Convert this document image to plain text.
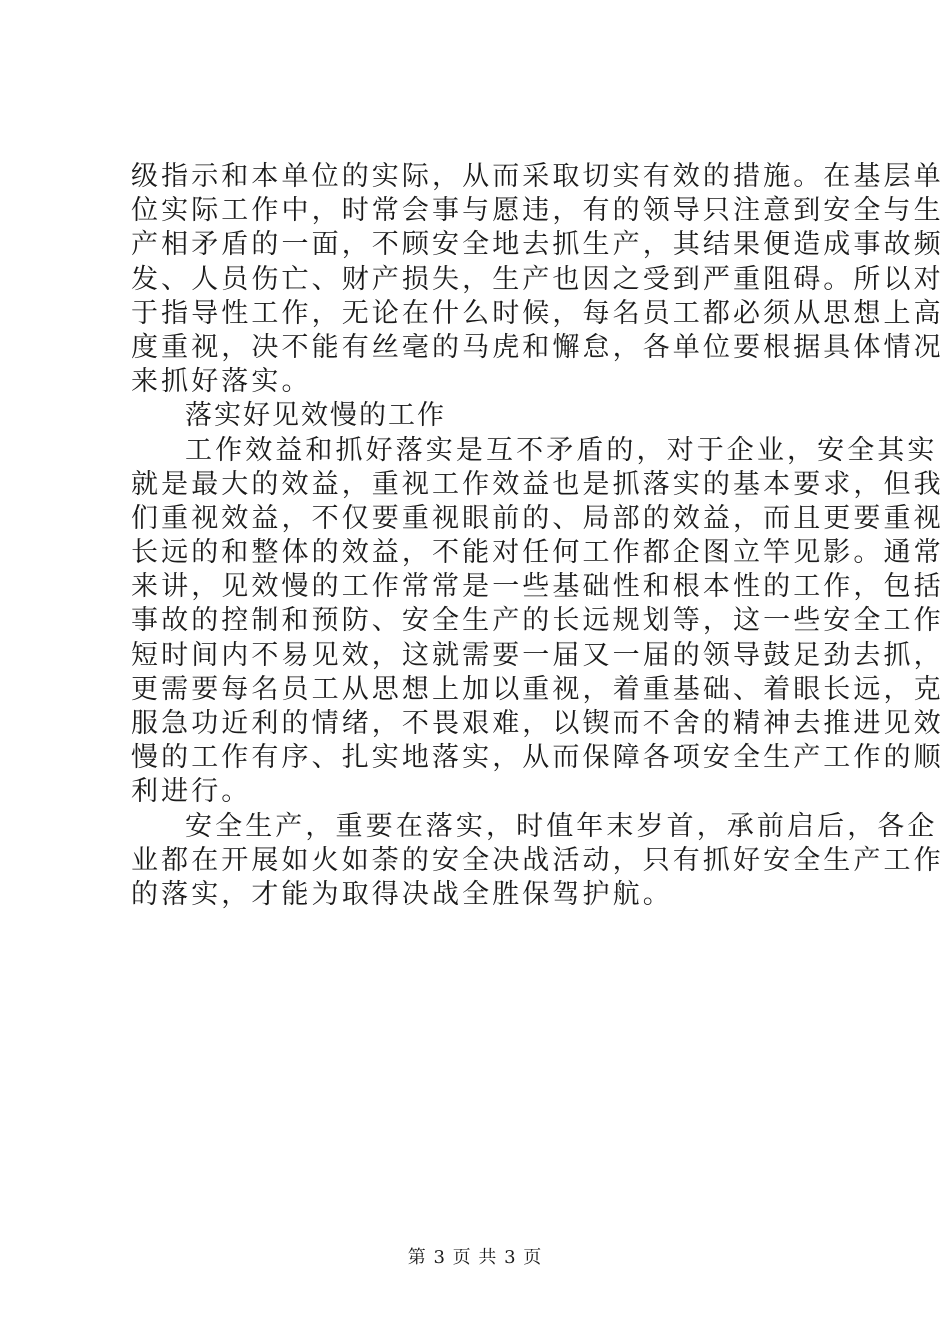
级指示和本单位的实际，从而采取切实有效的措施。在基层单
位实际工作中，时常会事与愿违，有的领导只注意到安全与生
产相矛盾的一面，不顾安全地去抓生产，其结果便造成事故频
发、人员伤亡、财产损失，生产也因之受到严重阻碍。所以对
于指导性工作，无论在什么时候，每名员工都必须从思想上高
度重视，决不能有丝毫的马虎和懈怠，各单位要根据具体情况
来抓好落实。
落实好见效慢的工作
工作效益和抓好落实是互不矛盾的，对于企业，安全其实
就是最大的效益，重视工作效益也是抓落实的基本要求，但我
们重视效益，不仅要重视眼前的、局部的效益，而且更要重视
长远的和整体的效益，不能对任何工作都企图立竿见影。通常
来讲，见效慢的工作常常是一些基础性和根本性的工作，包括
事故的控制和预防、安全生产的长远规划等，这一些安全工作
短时间内不易见效，这就需要一届又一届的领导鼓足劲去抓，
更需要每名员工从思想上加以重视，着重基础、着眼长远，克
服急功近利的情绪，不畏艰难，以锲而不舍的精神去推进见效
慢的工作有序、扎实地落实，从而保障各项安全生产工作的顺
利进行。
安全生产，重要在落实，时值年末岁首，承前启后，各企
业都在开展如火如荼的安全决战活动，只有抓好安全生产工作
的落实，才能为取得决战全胜保驾护航。
第 3 页 共 3 页
